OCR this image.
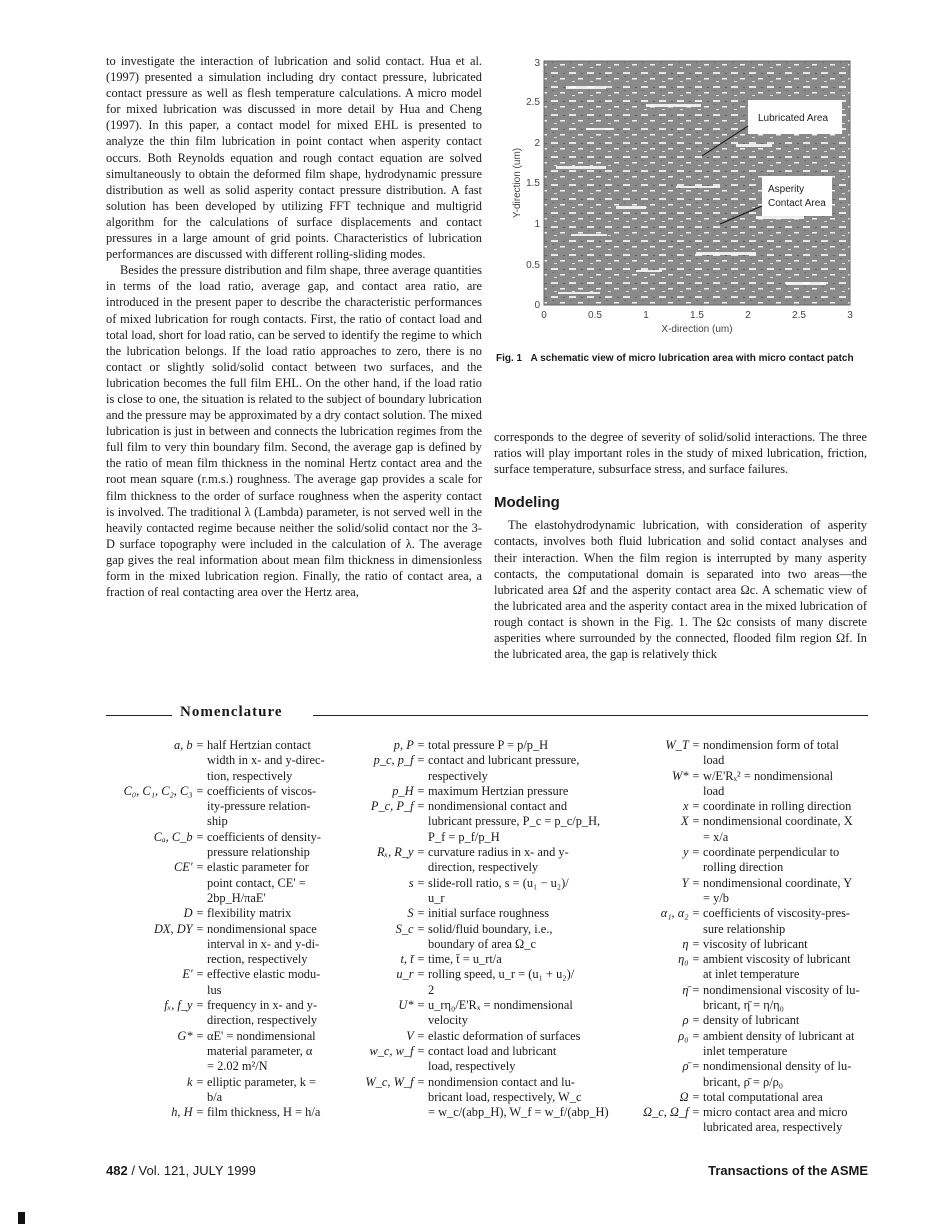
to investigate the interaction of lubrication and solid contact. Hua et al. (1997) presented a simulation including dry contact pressure, lubricated contact pressure as well as flesh temperature calculations. A micro model for mixed lubrication was discussed in more detail by Hua and Cheng (1997). In this paper, a contact model for mixed EHL is presented to analyze the thin film lubrication in point contact when asperity contact occurs. Both Reynolds equation and rough contact equation are solved simultaneously to obtain the deformed film shape, hydrodynamic pressure distribution as well as solid asperity contact pressure distribution. A fast solution has been developed by utilizing FFT technique and multigrid algorithm for the calculations of surface displacements and contact pressures in a large amount of grid points. Characteristics of lubrication performances are discussed with different rolling-sliding modes.

Besides the pressure distribution and film shape, three average quantities in terms of the load ratio, average gap, and contact area ratio, are introduced in the present paper to describe the characteristic performances of mixed lubrication for rough contacts. First, the ratio of contact load and total load, short for load ratio, can be served to identify the regime to which the lubrication belongs. If the load ratio approaches to zero, there is no contact or slightly solid/solid contact between two surfaces, and the lubrication becomes the full film EHL. On the other hand, if the load ratio is close to one, the situation is related to the subject of boundary lubrication and the pressure may be approximated by a dry contact solution. The mixed lubrication is just in between and connects the lubrication regimes from the full film to very thin boundary film. Second, the average gap is defined by the ratio of mean film thickness in the nominal Hertz contact area and the root mean square (r.m.s.) roughness. The average gap provides a scale for film thickness to the order of surface roughness when the asperity contact is involved. The traditional λ (Lambda) parameter, is not served well in the heavily contacted regime because neither the solid/solid contact nor the 3-D surface topography were included in the calculation of λ. The average gap gives the real information about mean film thickness in dimensionless form in the mixed lubrication region. Finally, the ratio of contact area, a fraction of real contacting area over the Hertz area,

Lubricated Area
Asperity
Contact Area
0
0.5
1
1.5
2
2.5
3
0	0.5	1	1.5	2	2.5	3
X-direction (um)
Y-direction (um)
Fig. 1 A schematic view of micro lubrication area with micro contact patch

corresponds to the degree of severity of solid/solid interactions. The three ratios will play important roles in the study of mixed lubrication, friction, surface temperature, subsurface stress, and surface failures.

Modeling

The elastohydrodynamic lubrication, with consideration of asperity contacts, involves both fluid lubrication and solid contact analyses and their interaction. When the film region is interrupted by many asperity contacts, the computational domain is separated into two areas—the lubricated area Ωf and the asperity contact area Ωc. A schematic view of the lubricated area and the asperity contact area in the mixed lubrication of rough contact is shown in the Fig. 1. The Ωc consists of many discrete asperities where surrounded by the connected, flooded film region Ωf. In the lubricated area, the gap is relatively thick

Nomenclature
a, b = half Hertzian contact
width in x- and y-direc-
tion, respectively
C₀, C₁, C₂, C₃ = coefficients of viscos-
ity-pressure relation-
ship
Cₐ, C_b = coefficients of density-
pressure relationship
CE' = elastic parameter for
point contact, CE' =
2bp_H/πaE'
D = flexibility matrix
DX, DY = nondimensional space
interval in x- and y-di-
rection, respectively
E' = effective elastic modu-
lus
fₓ, f_y = frequency in x- and y-
direction, respectively
G* = αE' = nondimensional
material parameter, α
= 2.02 m²/N
k = elliptic parameter, k =
b/a
h, H = film thickness, H = h/a
p, P = total pressure P = p/p_H
p_c, p_f = contact and lubricant pressure,
respectively
p_H = maximum Hertzian pressure
P_c, P_f = nondimensional contact and
lubricant pressure, P_c = p_c/p_H,
P_f = p_f/p_H
Rₓ, R_y = curvature radius in x- and y-
direction, respectively
s = slide-roll ratio, s = (u₁ − u₂)/
u_r
S = initial surface roughness
S_c = solid/fluid boundary, i.e.,
boundary of area Ω_c
t, t̄ = time, t̄ = u_rt/a
u_r = rolling speed, u_r = (u₁ + u₂)/
2
U* = u_rη₀/E'Rₓ = nondimensional
velocity
V = elastic deformation of surfaces
w_c, w_f = contact load and lubricant
load, respectively
W_c, W_f = nondimension contact and lu-
bricant load, respectively, W_c
= w_c/(abp_H), W_f = w_f/(abp_H)
W_T = nondimension form of total
load
W* = w/E'Rₓ² = nondimensional
load
x = coordinate in rolling direction
X = nondimensional coordinate, X
= x/a
y = coordinate perpendicular to
rolling direction
Y = nondimensional coordinate, Y
= y/b
α₁, α₂ = coefficients of viscosity-pres-
sure relationship
η = viscosity of lubricant
η₀ = ambient viscosity of lubricant
at inlet temperature
η̄ = nondimensional viscosity of lu-
bricant, η̄ = η/η₀
ρ = density of lubricant
ρ₀ = ambient density of lubricant at
inlet temperature
ρ̄ = nondimensional density of lu-
bricant, ρ̄ = ρ/ρ₀
Ω = total computational area
Ω_c, Ω_f = micro contact area and micro
lubricated area, respectively
482 / Vol. 121, JULY 1999	Transactions of the ASME
